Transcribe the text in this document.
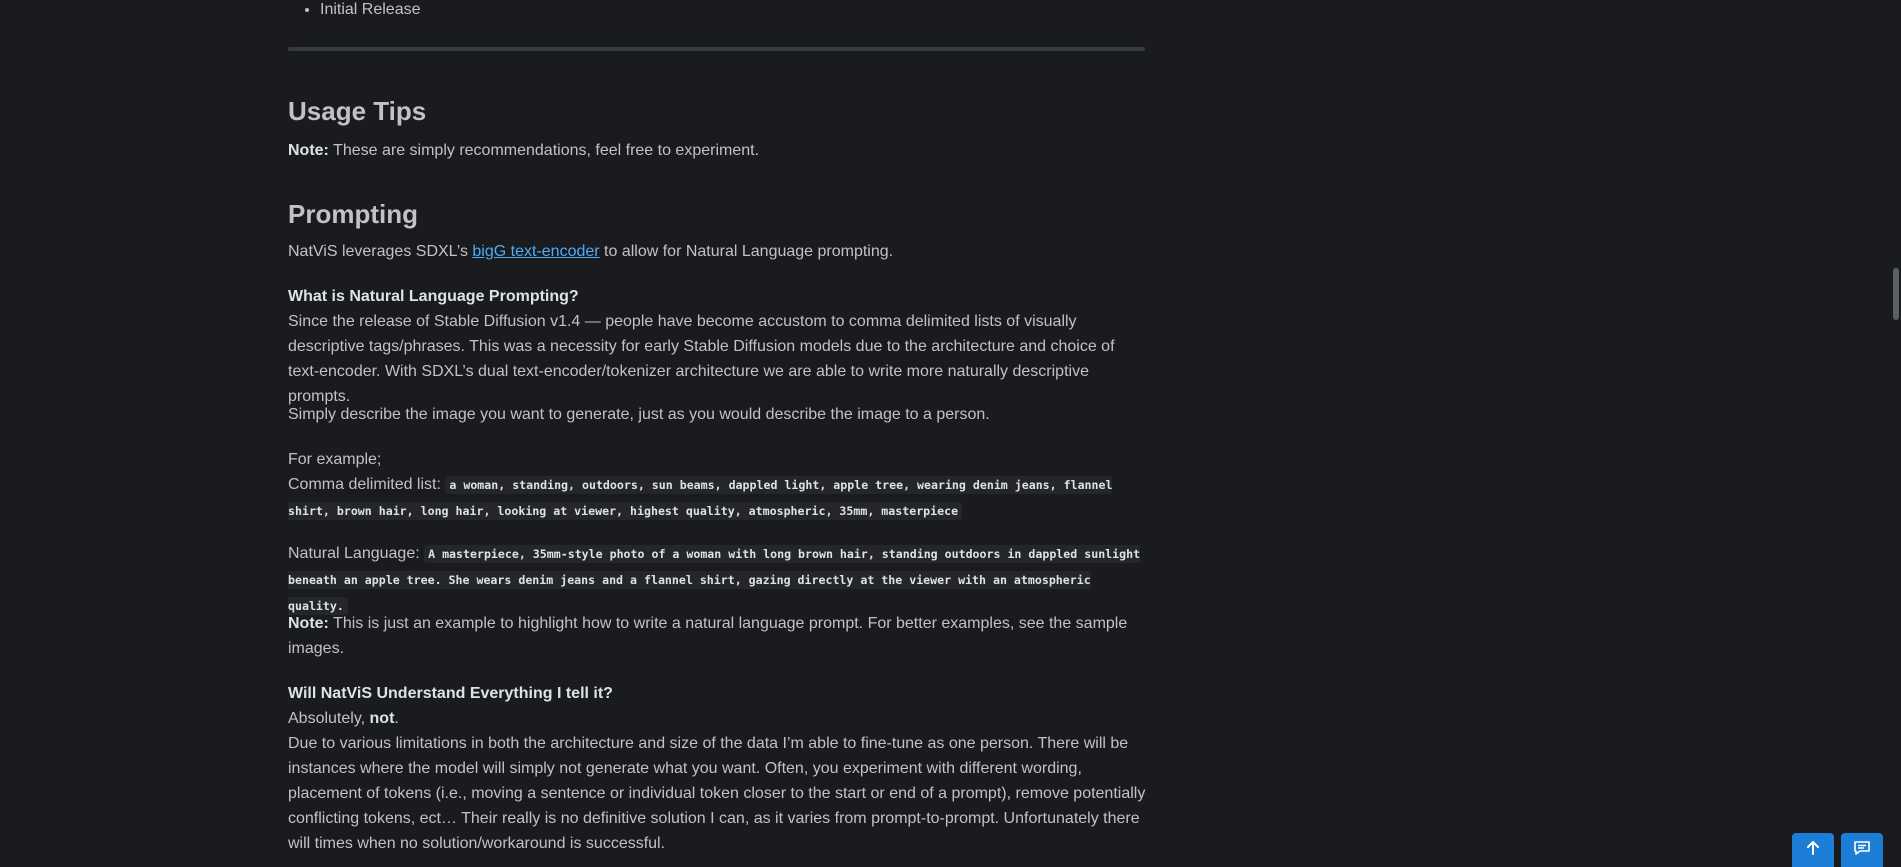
• Initial Release
Usage Tips

Note: These are simply recommendations, feel free to experiment.

Prompting

NatViS leverages SDXL’s bigG text-encoder to allow for Natural Language prompting.

What is Natural Language Prompting?
Since the release of Stable Diffusion v1.4 — people have become accustom to comma delimited lists of visually descriptive tags/phrases. This was a necessity for early Stable Diffusion models due to the architecture and choice of text-encoder. With SDXL’s dual text-encoder/tokenizer architecture we are able to write more naturally descriptive prompts.

Simply describe the image you want to generate, just as you would describe the image to a person.

For example;
Comma delimited list: a woman, standing, outdoors, sun beams, dappled light, apple tree, wearing denim jeans, flannel shirt, brown hair, long hair, looking at viewer, highest quality, atmospheric, 35mm, masterpiece

Natural Language: A masterpiece, 35mm-style photo of a woman with long brown hair, standing outdoors in dappled sunlight beneath an apple tree. She wears denim jeans and a flannel shirt, gazing directly at the viewer with an atmospheric quality.

Note: This is just an example to highlight how to write a natural language prompt. For better examples, see the sample images.

Will NatViS Understand Everything I tell it?
Absolutely, not.
Due to various limitations in both the architecture and size of the data I’m able to fine-tune as one person. There will be instances where the model will simply not generate what you want. Often, you experiment with different wording, placement of tokens (i.e., moving a sentence or individual token closer to the start or end of a prompt), remove potentially conflicting tokens, ect… Their really is no definitive solution I can, as it varies from prompt-to-prompt. Unfortunately there will times when no solution/workaround is successful.
